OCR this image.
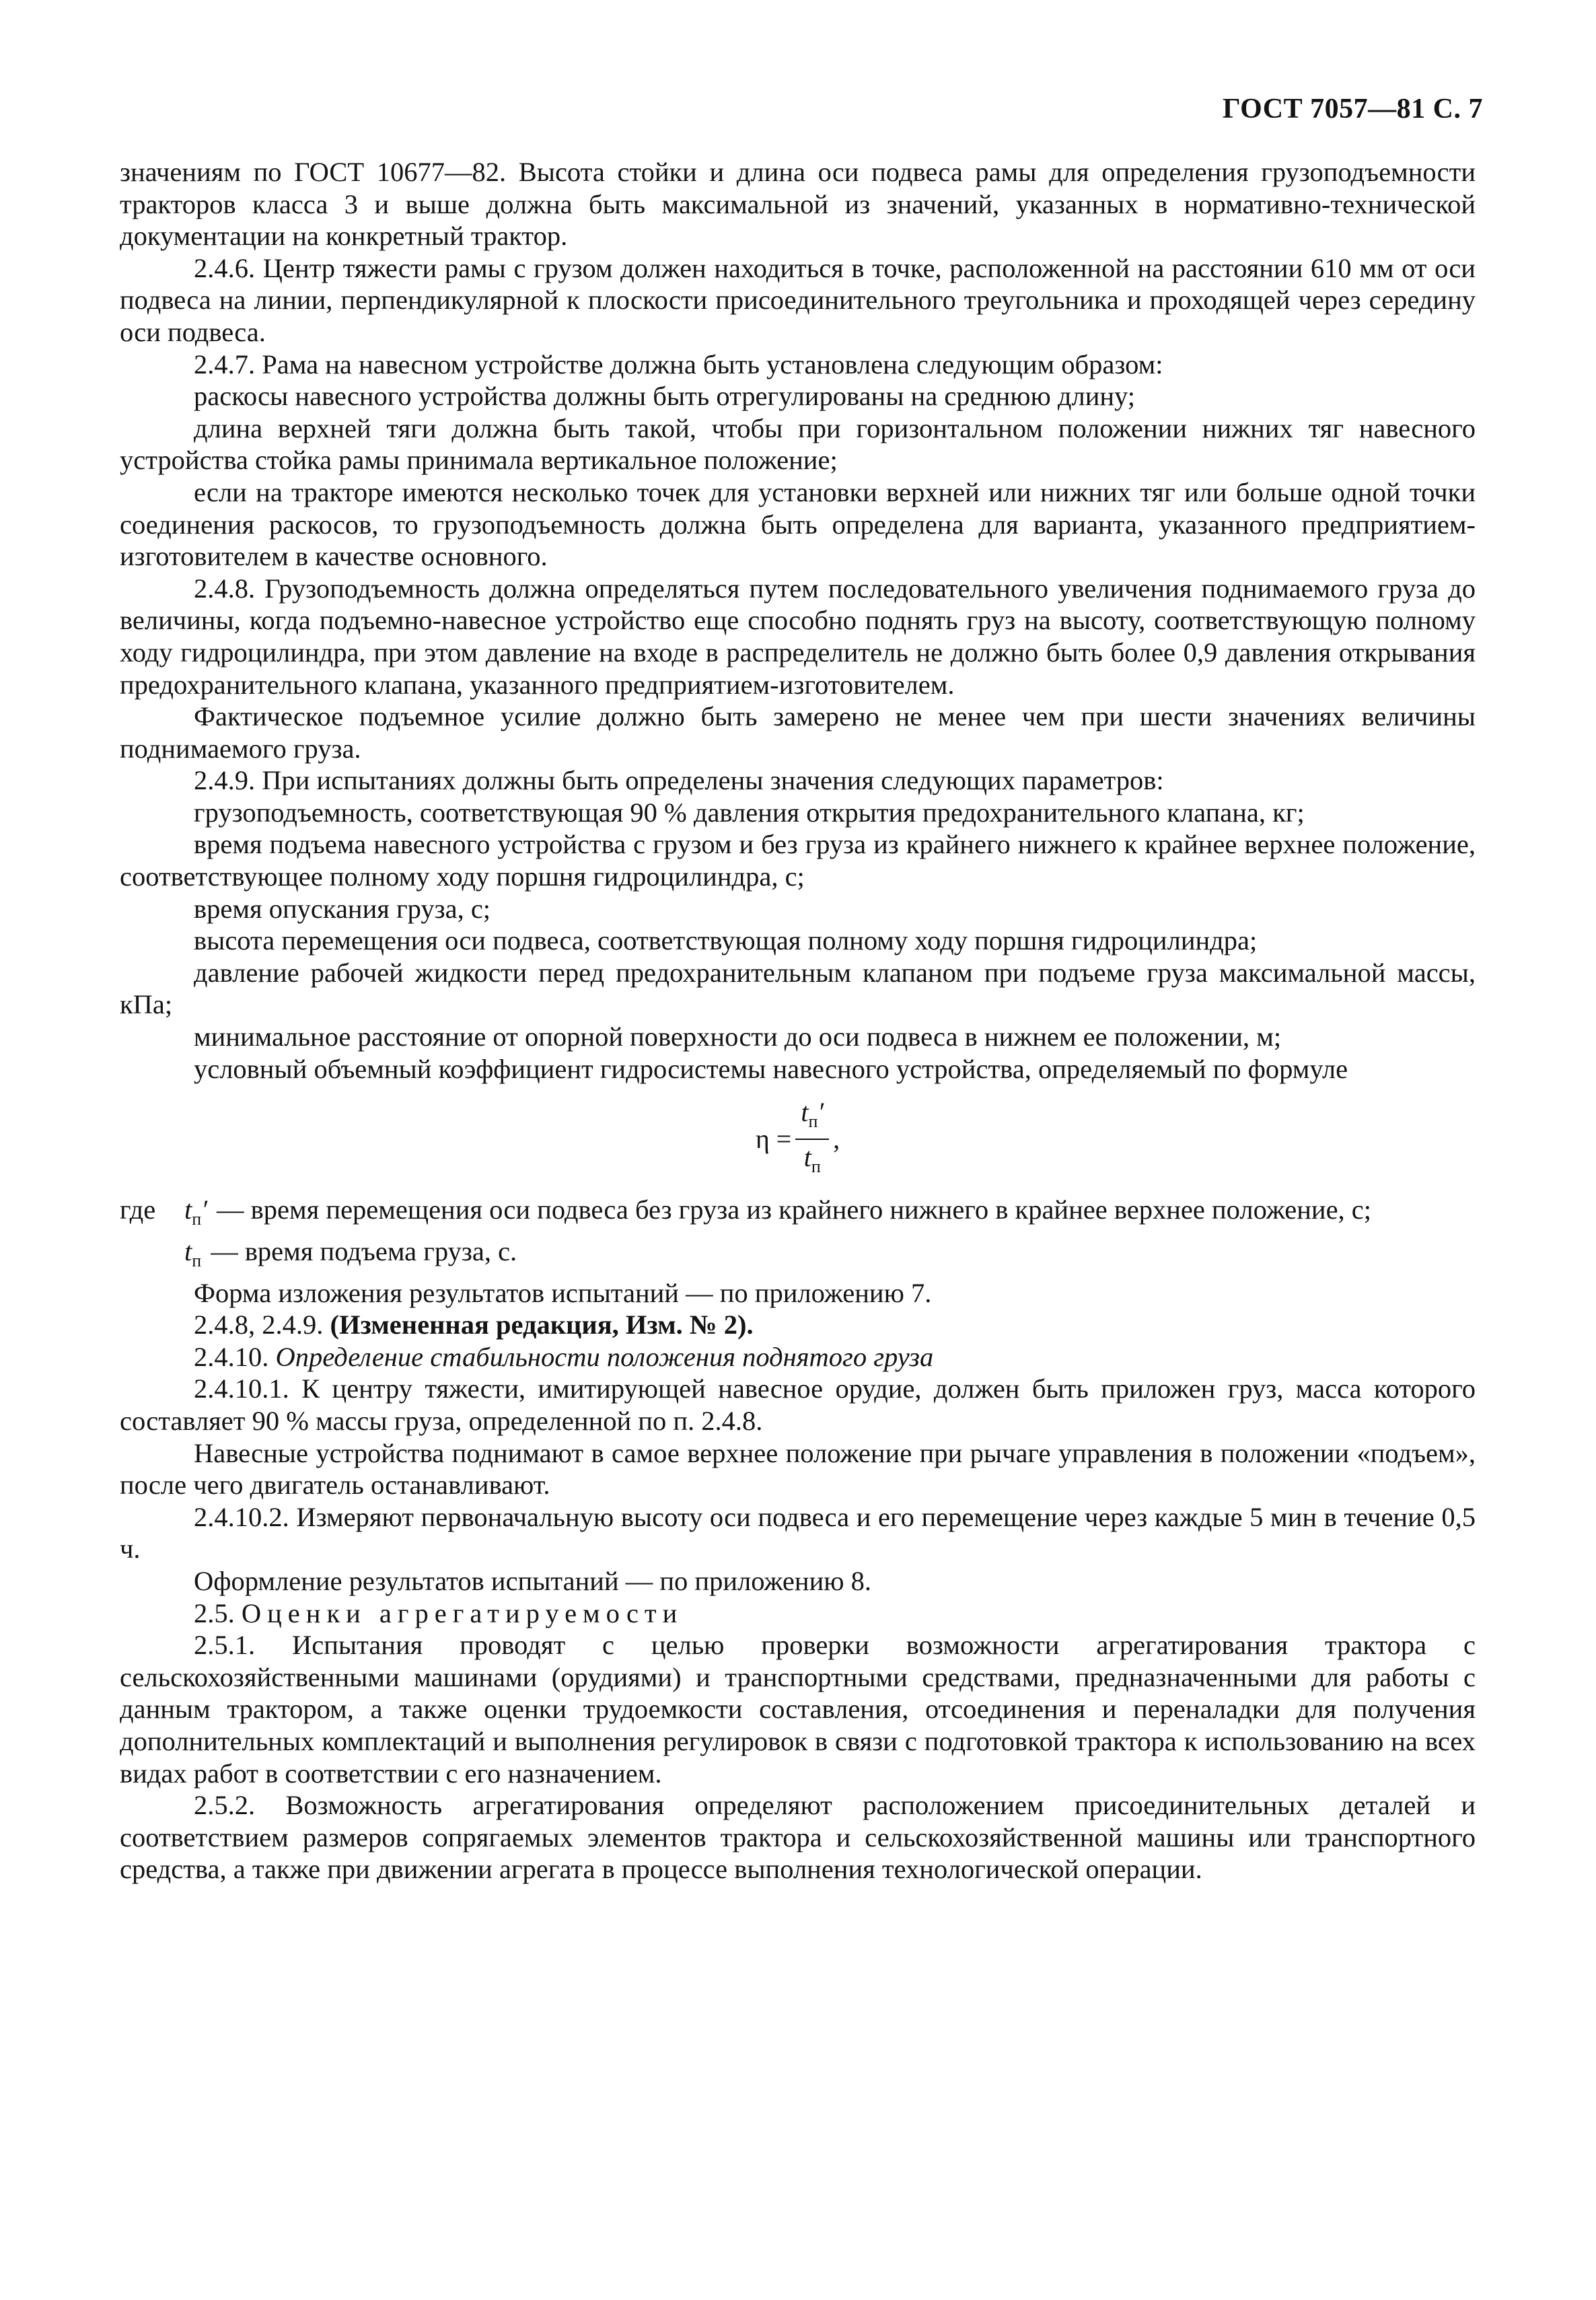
ГОСТ 7057—81 С. 7

значениям по ГОСТ 10677—82. Высота стойки и длина оси подвеса рамы для определения грузоподъемности тракторов класса 3 и выше должна быть максимальной из значений, указанных в нормативно-технической документации на конкретный трактор.

2.4.6. Центр тяжести рамы с грузом должен находиться в точке, расположенной на расстоянии 610 мм от оси подвеса на линии, перпендикулярной к плоскости присоединительного треугольника и проходящей через середину оси подвеса.

2.4.7. Рама на навесном устройстве должна быть установлена следующим образом:

раскосы навесного устройства должны быть отрегулированы на среднюю длину;

длина верхней тяги должна быть такой, чтобы при горизонтальном положении нижних тяг навесного устройства стойка рамы принимала вертикальное положение;

если на тракторе имеются несколько точек для установки верхней или нижних тяг или больше одной точки соединения раскосов, то грузоподъемность должна быть определена для варианта, указанного предприятием-изготовителем в качестве основного.

2.4.8. Грузоподъемность должна определяться путем последовательного увеличения поднимаемого груза до величины, когда подъемно-навесное устройство еще способно поднять груз на высоту, соответствующую полному ходу гидроцилиндра, при этом давление на входе в распределитель не должно быть более 0,9 давления открывания предохранительного клапана, указанного предприятием-изготовителем.

Фактическое подъемное усилие должно быть замерено не менее чем при шести значениях величины поднимаемого груза.

2.4.9. При испытаниях должны быть определены значения следующих параметров:

грузоподъемность, соответствующая 90 % давления открытия предохранительного клапана, кг;

время подъема навесного устройства с грузом и без груза из крайнего нижнего к крайнее верхнее положение, соответствующее полному ходу поршня гидроцилиндра, с;

время опускания груза, с;

высота перемещения оси подвеса, соответствующая полному ходу поршня гидроцилиндра;

давление рабочей жидкости перед предохранительным клапаном при подъеме груза максимальной массы, кПа;

минимальное расстояние от опорной поверхности до оси подвеса в нижнем ее положении, м;

условный объемный коэффициент гидросистемы навесного устройства, определяемый по формуле

$\eta = \frac{t_п'}{t_п}$ ,
где	$t_п'$ — время перемещения оси подвеса без груза из крайнего нижнего в крайнее верхнее положение, с;
$t_п$ — время подъема груза, с.

Форма изложения результатов испытаний — по приложению 7.

2.4.8, 2.4.9. (Измененная редакция, Изм. № 2).

2.4.10. Определение стабильности положения поднятого груза

2.4.10.1. К центру тяжести, имитирующей навесное орудие, должен быть приложен груз, масса которого составляет 90 % массы груза, определенной по п. 2.4.8.

Навесные устройства поднимают в самое верхнее положение при рычаге управления в положении «подъем», после чего двигатель останавливают.

2.4.10.2. Измеряют первоначальную высоту оси подвеса и его перемещение через каждые 5 мин в течение 0,5 ч.

Оформление результатов испытаний — по приложению 8.

2.5. Оценки агрегатируемости

2.5.1. Испытания проводят с целью проверки возможности агрегатирования трактора с сельскохозяйственными машинами (орудиями) и транспортными средствами, предназначенными для работы с данным трактором, а также оценки трудоемкости составления, отсоединения и переналадки для получения дополнительных комплектаций и выполнения регулировок в связи с подготовкой трактора к использованию на всех видах работ в соответствии с его назначением.

2.5.2. Возможность агрегатирования определяют расположением присоединительных деталей и соответствием размеров сопрягаемых элементов трактора и сельскохозяйственной машины или транспортного средства, а также при движении агрегата в процессе выполнения технологической операции.
